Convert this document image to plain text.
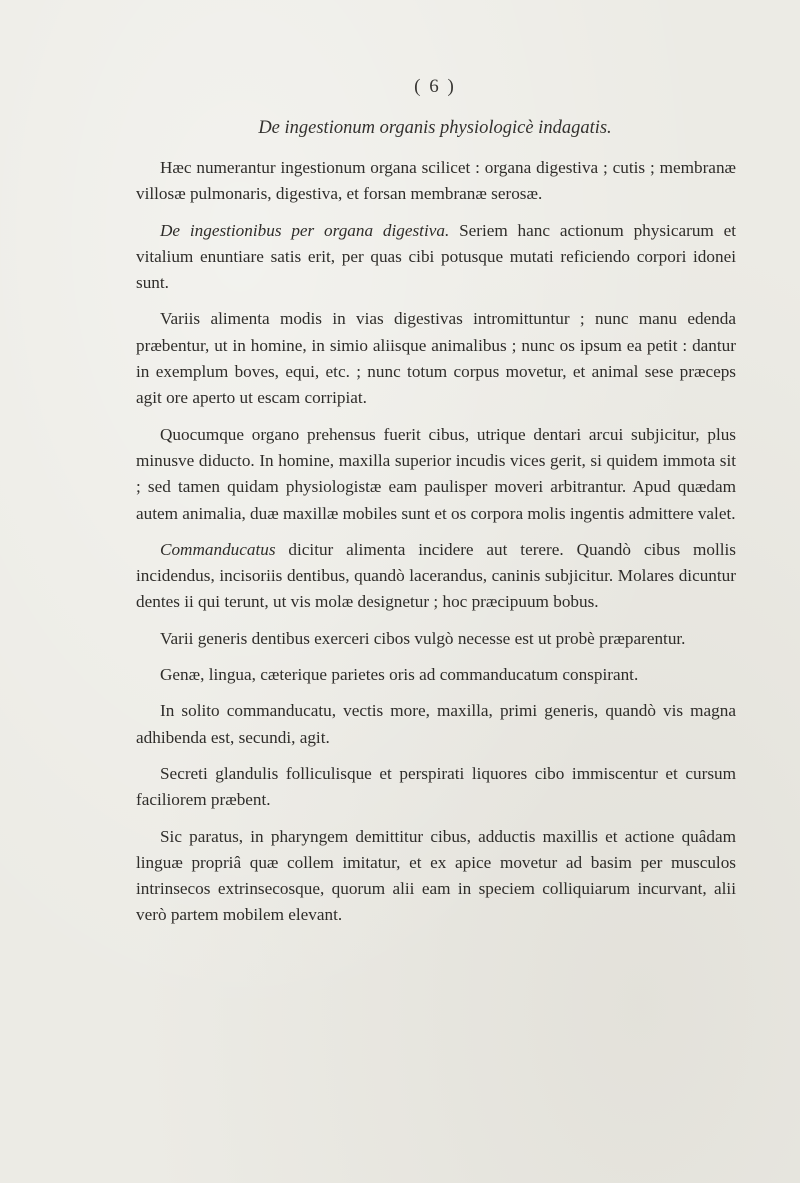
( 6 )
De ingestionum organis physiologicè indagatis.

Hæc numerantur ingestionum organa scilicet : organa digestiva ; cutis ; membranæ villosæ pulmonaris, digestiva, et forsan membranæ serosæ.

De ingestionibus per organa digestiva. Seriem hanc actionum physicarum et vitalium enuntiare satis erit, per quas cibi potusque mutati reficiendo corpori idonei sunt.

Variis alimenta modis in vias digestivas intromittuntur ; nunc manu edenda præbentur, ut in homine, in simio aliisque animalibus ; nunc os ipsum ea petit : dantur in exemplum boves, equi, etc. ; nunc totum corpus movetur, et animal sese præceps agit ore aperto ut escam corripiat.

Quocumque organo prehensus fuerit cibus, utrique dentari arcui subjicitur, plus minusve diducto. In homine, maxilla superior incudis vices gerit, si quidem immota sit ; sed tamen quidam physiologistæ eam paulisper moveri arbitrantur. Apud quædam autem animalia, duæ maxillæ mobiles sunt et os corpora molis ingentis admittere valet.

Commanducatus dicitur alimenta incidere aut terere. Quandò cibus mollis incidendus, incisoriis dentibus, quandò lacerandus, caninis subjicitur. Molares dicuntur dentes ii qui terunt, ut vis molæ designetur ; hoc præcipuum bobus.

Varii generis dentibus exerceri cibos vulgò necesse est ut probè præparentur.

Genæ, lingua, cæterique parietes oris ad commanducatum conspirant.

In solito commanducatu, vectis more, maxilla, primi generis, quandò vis magna adhibenda est, secundi, agit.

Secreti glandulis folliculisque et perspirati liquores cibo immiscentur et cursum faciliorem præbent.

Sic paratus, in pharyngem demittitur cibus, adductis maxillis et actione quâdam linguæ propriâ quæ collem imitatur, et ex apice movetur ad basim per musculos intrinsecos extrinsecosque, quorum alii eam in speciem colliquiarum incurvant, alii verò partem mobilem elevant.
